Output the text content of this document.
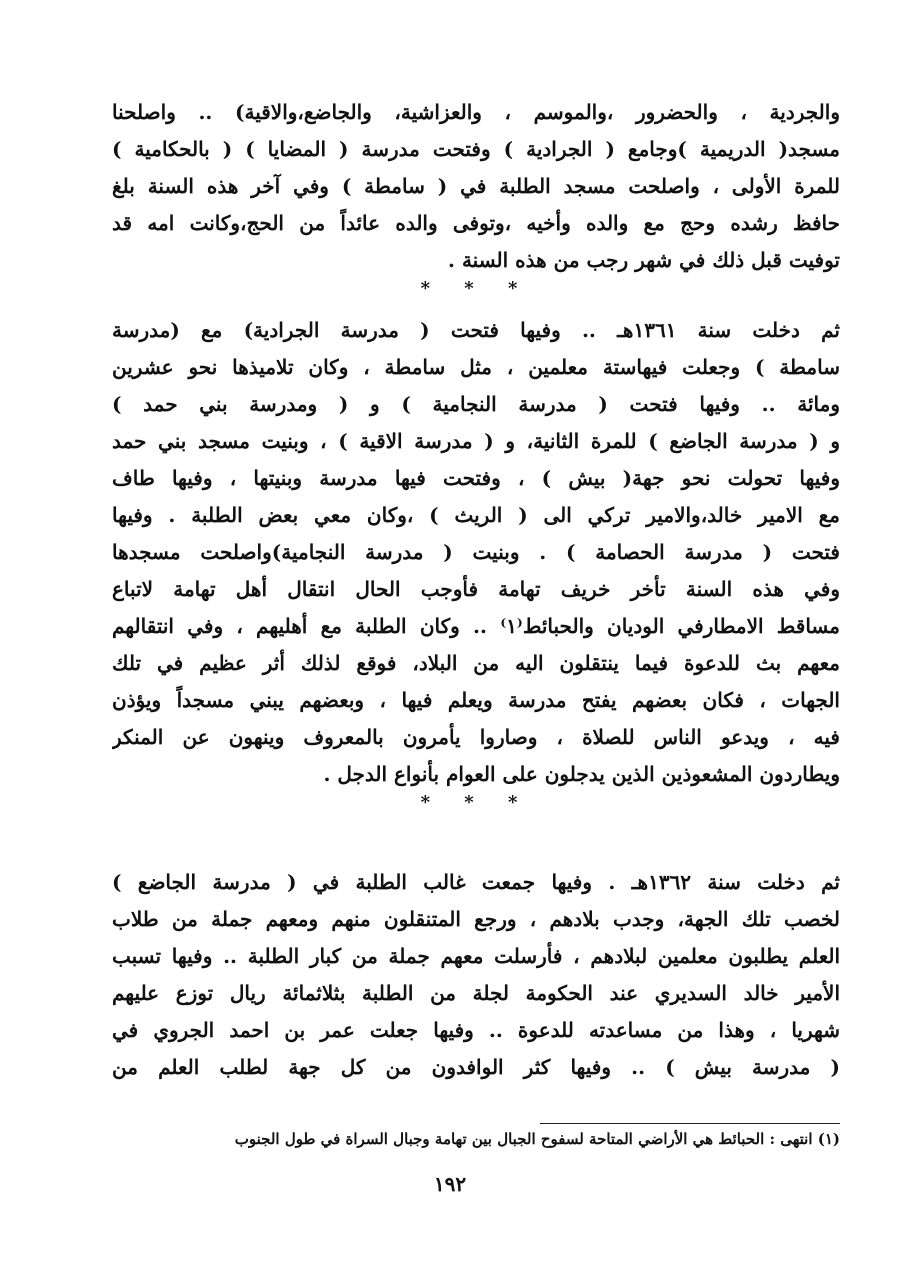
والجردية ، والحضرور ،والموسم ، والعزاشية، والجاضع،والاقية) .. واصلحنا
مسجد( الدريمية )وجامع ( الجرادية ) وفتحت مدرسة ( المضايا ) ( بالحكامية )
للمرة الأولى ، واصلحت مسجد الطلبة في ( سامطة ) وفي آخر هذه السنة بلغ
حافظ رشده وحج مع والده وأخيه ،وتوفى والده عائداً من الحج،وكانت امه قد
توفيت قبل ذلك في شهر رجب من هذه السنة .
* * *
ثم دخلت سنة ١٣٦١هـ .. وفيها فتحت ( مدرسة الجرادية) مع (مدرسة
سامطة ) وجعلت فيهاستة معلمين ، مثل سامطة ، وكان تلاميذها نحو عشرين
ومائة .. وفيها فتحت ( مدرسة النجامية ) و ( ومدرسة بني حمد )
و ( مدرسة الجاضع ) للمرة الثانية، و ( مدرسة الاقية ) ، وبنيت مسجد بني حمد
وفيها تحولت نحو جهة( بيش ) ، وفتحت فيها مدرسة وبنيتها ، وفيها طاف
مع الامير خالد،والامير تركي الى ( الريث ) ،وكان معي بعض الطلبة . وفيها
فتحت ( مدرسة الحصامة ) . وبنيت ( مدرسة النجامية)واصلحت مسجدها
وفي هذه السنة تأخر خريف تهامة فأوجب الحال انتقال أهل تهامة لاتباع
مساقط الامطارفي الوديان والحبائط⁽١⁾ .. وكان الطلبة مع أهليهم ، وفي انتقالهم
معهم بث للدعوة فيما ينتقلون اليه من البلاد، فوقع لذلك أثر عظيم في تلك
الجهات ، فكان بعضهم يفتح مدرسة ويعلم فيها ، وبعضهم يبني مسجداً ويؤذن
فيه ، ويدعو الناس للصلاة ، وصاروا يأمرون بالمعروف وينهون عن المنكر
ويطاردون المشعوذين الذين يدجلون على العوام بأنواع الدجل .
* * *
ثم دخلت سنة ١٣٦٢هـ . وفيها جمعت غالب الطلبة في ( مدرسة الجاضع )
لخصب تلك الجهة، وجدب بلادهم ، ورجع المتنقلون منهم ومعهم جملة من طلاب
العلم يطلبون معلمين لبلادهم ، فأرسلت معهم جملة من كبار الطلبة .. وفيها تسبب
الأمير خالد السديري عند الحكومة لجلة من الطلبة بثلاثمائة ريال توزع عليهم
شهريا ، وهذا من مساعدته للدعوة .. وفيها جعلت عمر بن احمد الجروي في
( مدرسة بيش ) .. وفيها كثر الوافدون من كل جهة لطلب العلم من
(١) انتهى : الحبائط هي الأراضي المتاحة لسفوح الجبال بين تهامة وجبال السراة في طول الجنوب
١٩٢
